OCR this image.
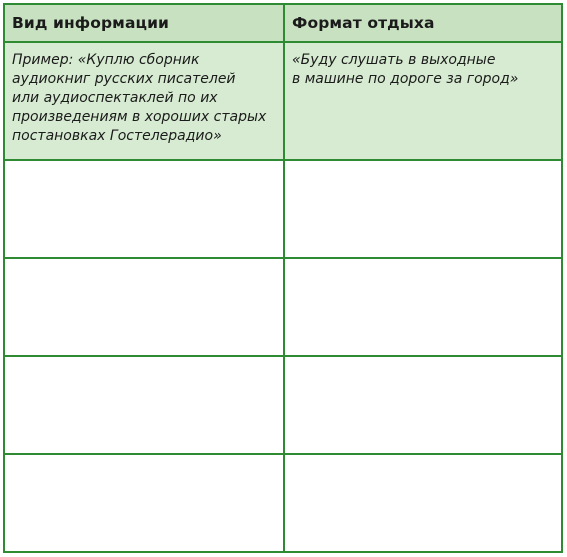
Вид информации	Формат отдыха
Пример: «Куплю сборник
аудиокниг русских писателей
или аудиоспектаклей по их
произведениям в хороших старых
постановках Гостелерадио»
«Буду слушать в выходные
в машине по дороге за город»
